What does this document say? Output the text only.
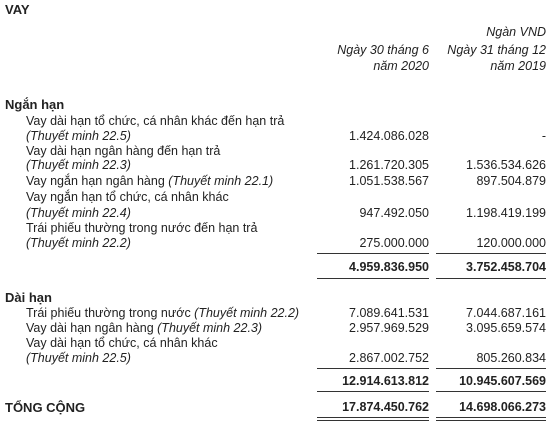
VAY
Ngàn VND
Ngày 30 tháng 6
năm 2020
Ngày 31 tháng 12
năm 2019
Ngắn hạn
Vay dài hạn tổ chức, cá nhân khác đến hạn trả
(Thuyết minh 22.5)	1.424.086.028	-
Vay dài hạn ngân hàng đến hạn trả
(Thuyết minh 22.3)	1.261.720.305	1.536.534.626
Vay ngắn hạn ngân hàng (Thuyết minh 22.1)	1.051.538.567	897.504.879
Vay ngắn hạn tổ chức, cá nhân khác
(Thuyết minh 22.4)	947.492.050	1.198.419.199
Trái phiếu thường trong nước đến hạn trả
(Thuyết minh 22.2)	275.000.000	120.000.000
4.959.836.950	3.752.458.704
Dài hạn
Trái phiếu thường trong nước (Thuyết minh 22.2)	7.089.641.531	7.044.687.161
Vay dài hạn ngân hàng (Thuyết minh 22.3)	2.957.969.529	3.095.659.574
Vay dài hạn tổ chức, cá nhân khác
(Thuyết minh 22.5)	2.867.002.752	805.260.834
12.914.613.812 10.945.607.569
TỔNG CỘNG	17.874.450.762 14.698.066.273
